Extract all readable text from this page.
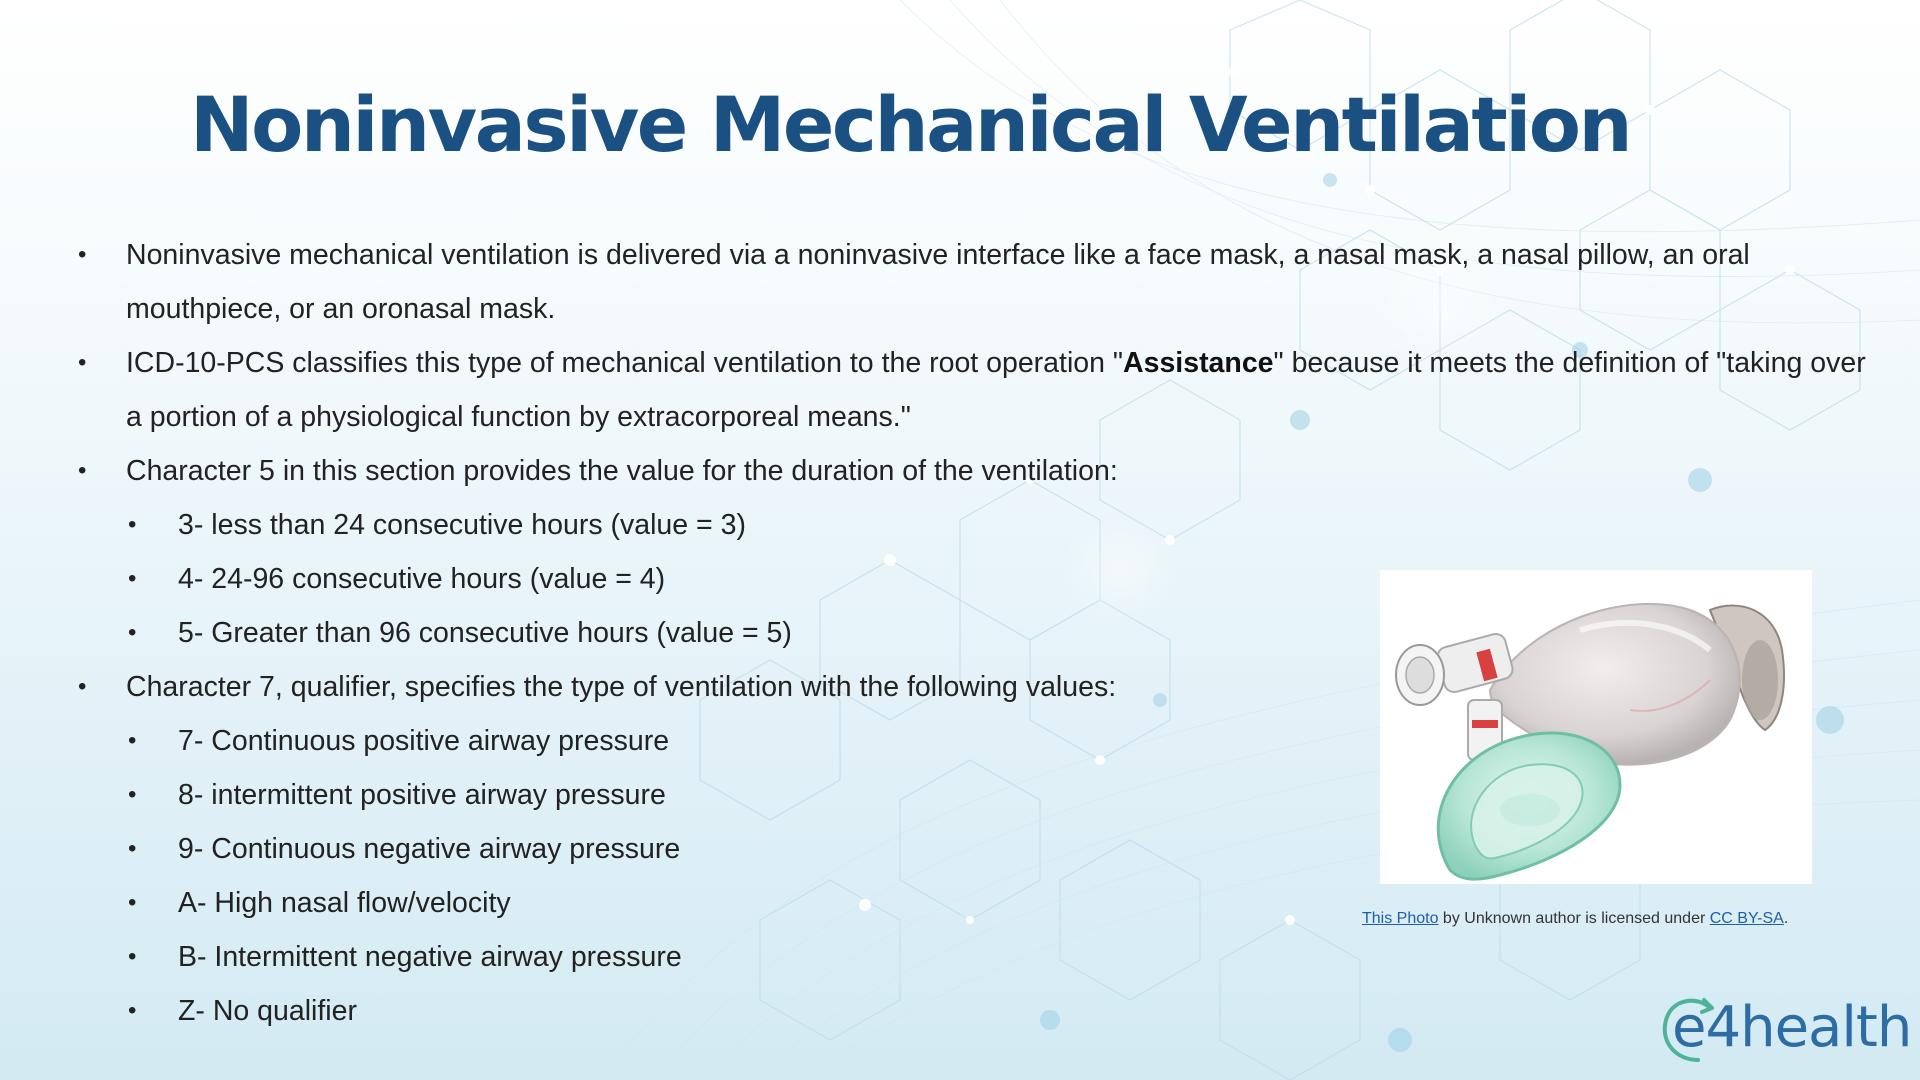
Noninvasive Mechanical Ventilation
• Noninvasive mechanical ventilation is delivered via a noninvasive interface like a face mask, a nasal mask, a nasal pillow, an oral mouthpiece, or an oronasal mask.
• ICD-10-PCS classifies this type of mechanical ventilation to the root operation "Assistance" because it meets the definition of "taking over a portion of a physiological function by extracorporeal means."
• Character 5 in this section provides the value for the duration of the ventilation:
• 3- less than 24 consecutive hours (value = 3)
• 4- 24-96 consecutive hours (value = 4)
• 5- Greater than 96 consecutive hours (value = 5)
• Character 7, qualifier, specifies the type of ventilation with the following values:
• 7- Continuous positive airway pressure
• 8- intermittent positive airway pressure
• 9- Continuous negative airway pressure
• A- High nasal flow/velocity
• B- Intermittent negative airway pressure
• Z- No qualifier
This Photo by Unknown author is licensed under CC BY-SA.
e4health
